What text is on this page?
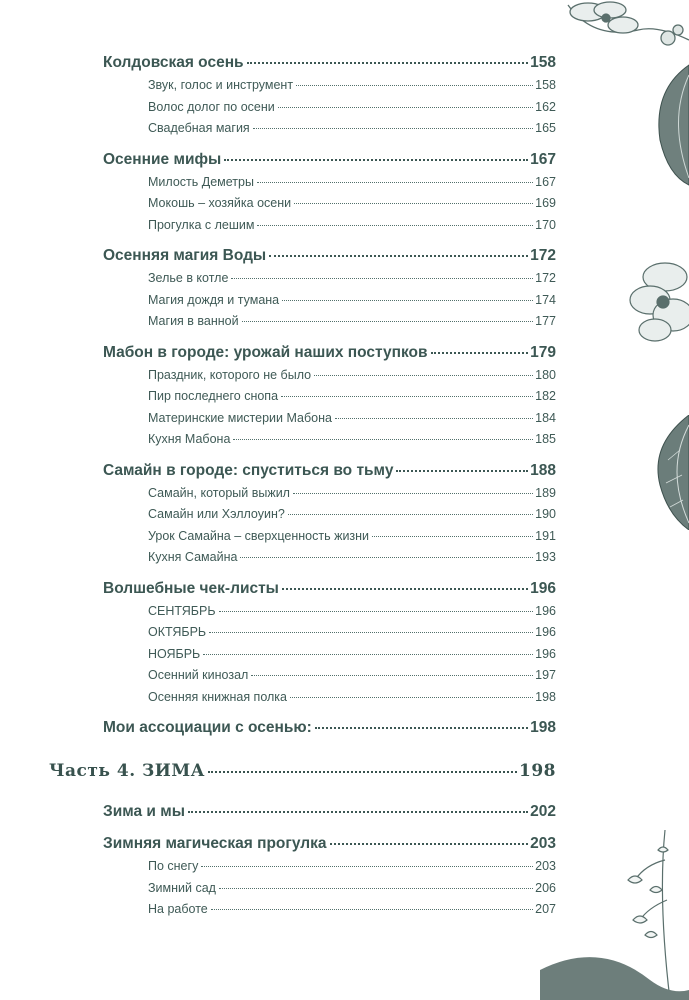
Колдовская осень	158
Звук, голос и инструмент	158
Волос долог по осени	162
Свадебная магия	165
Осенние мифы	167
Милость Деметры	167
Мокошь – хозяйка осени	169
Прогулка с лешим	170
Осенняя магия Воды	172
Зелье в котле	172
Магия дождя и тумана	174
Магия в ванной	177
Мабон в городе: урожай наших поступков	179
Праздник, которого не было	180
Пир последнего снопа	182
Материнские мистерии Мабона	184
Кухня Мабона	185
Самайн в городе: спуститься во тьму	188
Самайн, который выжил	189
Самайн или Хэллоуин?	190
Урок Самайна – сверхценность жизни	191
Кухня Самайна	193
Волшебные чек-листы	196
СЕНТЯБРЬ	196
ОКТЯБРЬ	196
НОЯБРЬ	196
Осенний кинозал	197
Осенняя книжная полка	198
Мои ассоциации с осенью:	198
Часть 4. ЗИМА	198
Зима и мы	202
Зимняя магическая прогулка	203
По снегу	203
Зимний сад	206
На работе	207
